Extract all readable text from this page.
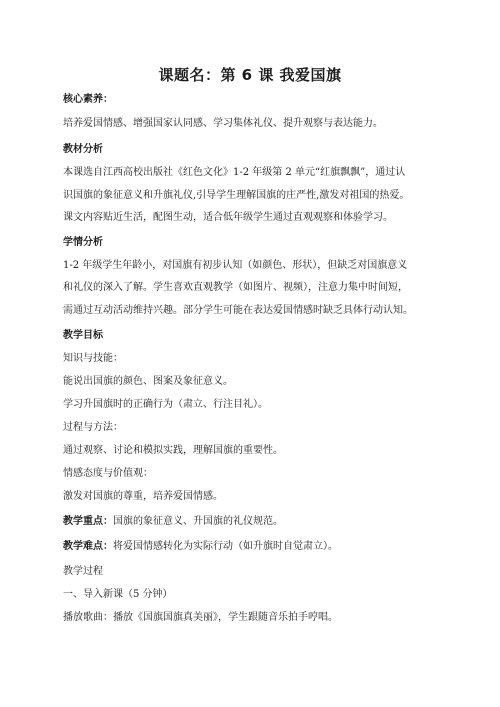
课题名：第 6 课 我爱国旗
核心素养：
培养爱国情感、增强国家认同感、学习集体礼仪、提升观察与表达能力。
教材分析
本课选自江西高校出版社《红色文化》1-2 年级第 2 单元“红旗飘飘”，通过认
识国旗的象征意义和升旗礼仪,引导学生理解国旗的庄严性,激发对祖国的热爱。
课文内容贴近生活，配图生动，适合低年级学生通过直观观察和体验学习。
学情分析
1-2 年级学生年龄小，对国旗有初步认知（如颜色、形状），但缺乏对国旗意义
和礼仪的深入了解。学生喜欢直观教学（如图片、视频），注意力集中时间短，
需通过互动活动维持兴趣。部分学生可能在表达爱国情感时缺乏具体行动认知。
教学目标
知识与技能：
能说出国旗的颜色、图案及象征意义。
学习升国旗时的正确行为（肃立、行注目礼）。
过程与方法：
通过观察、讨论和模拟实践，理解国旗的重要性。
情感态度与价值观：
激发对国旗的尊重，培养爱国情感。
教学重点：国旗的象征意义、升国旗的礼仪规范。
教学难点：将爱国情感转化为实际行动（如升旗时自觉肃立）。
教学过程
一、导入新课（5 分钟）
播放歌曲：播放《国旗国旗真美丽》，学生跟随音乐拍手哼唱。
